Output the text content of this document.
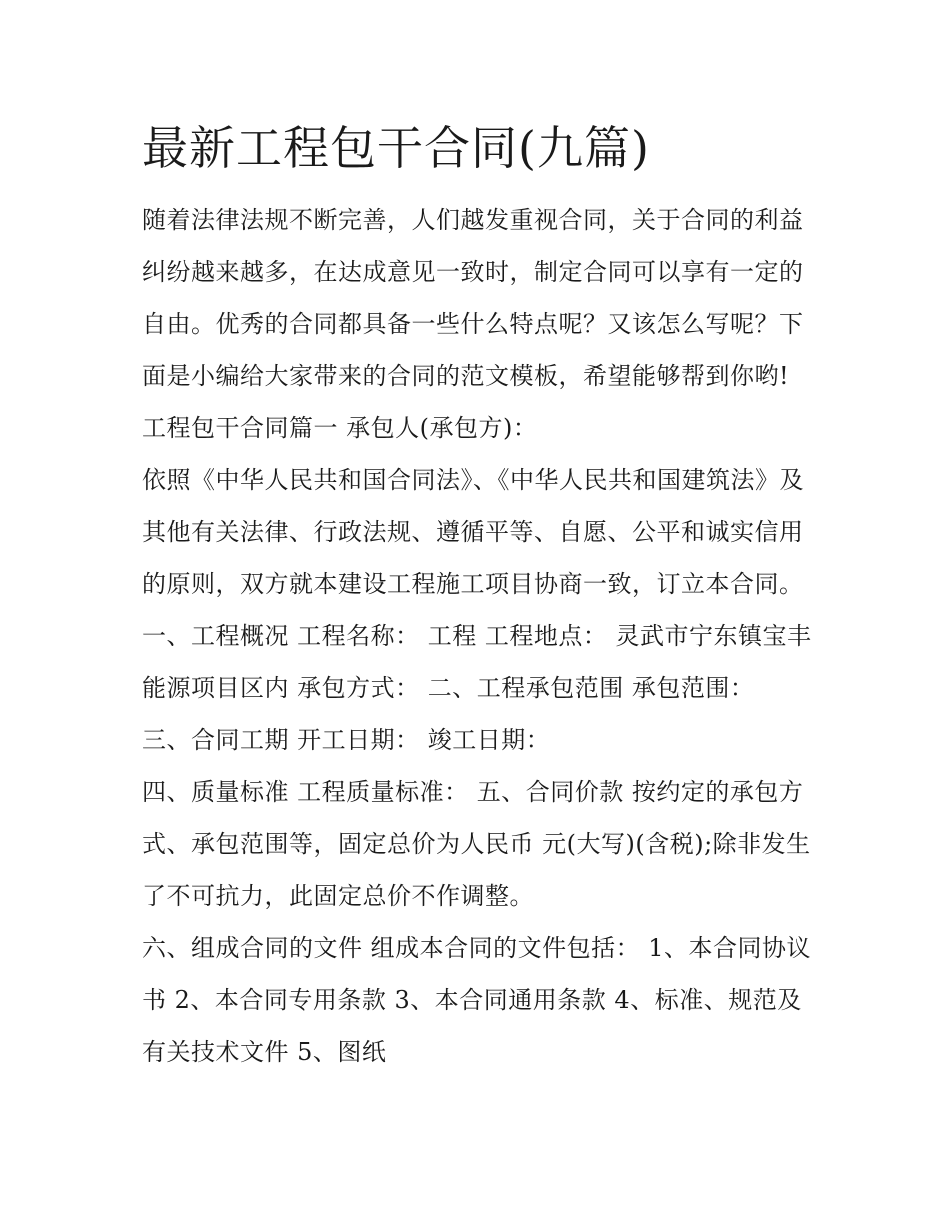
最新工程包干合同(九篇)

随着法律法规不断完善，人们越发重视合同，关于合同的利益纠纷越来越多，在达成意见一致时，制定合同可以享有一定的自由。优秀的合同都具备一些什么特点呢？又该怎么写呢？下面是小编给大家带来的合同的范文模板，希望能够帮到你哟!

工程包干合同篇一 承包人(承包方)：

依照《中华人民共和国合同法》、《中华人民共和国建筑法》及其他有关法律、行政法规、遵循平等、自愿、公平和诚实信用的原则，双方就本建设工程施工项目协商一致，订立本合同。

一、工程概况 工程名称： 工程 工程地点： 灵武市宁东镇宝丰能源项目区内 承包方式： 二、工程承包范围 承包范围：

三、合同工期 开工日期： 竣工日期：

四、质量标准 工程质量标准： 五、合同价款 按约定的承包方式、承包范围等，固定总价为人民币 元(大写)(含税);除非发生了不可抗力，此固定总价不作调整。

六、组成合同的文件 组成本合同的文件包括： 1、本合同协议书 2、本合同专用条款 3、本合同通用条款 4、标准、规范及有关技术文件 5、图纸
